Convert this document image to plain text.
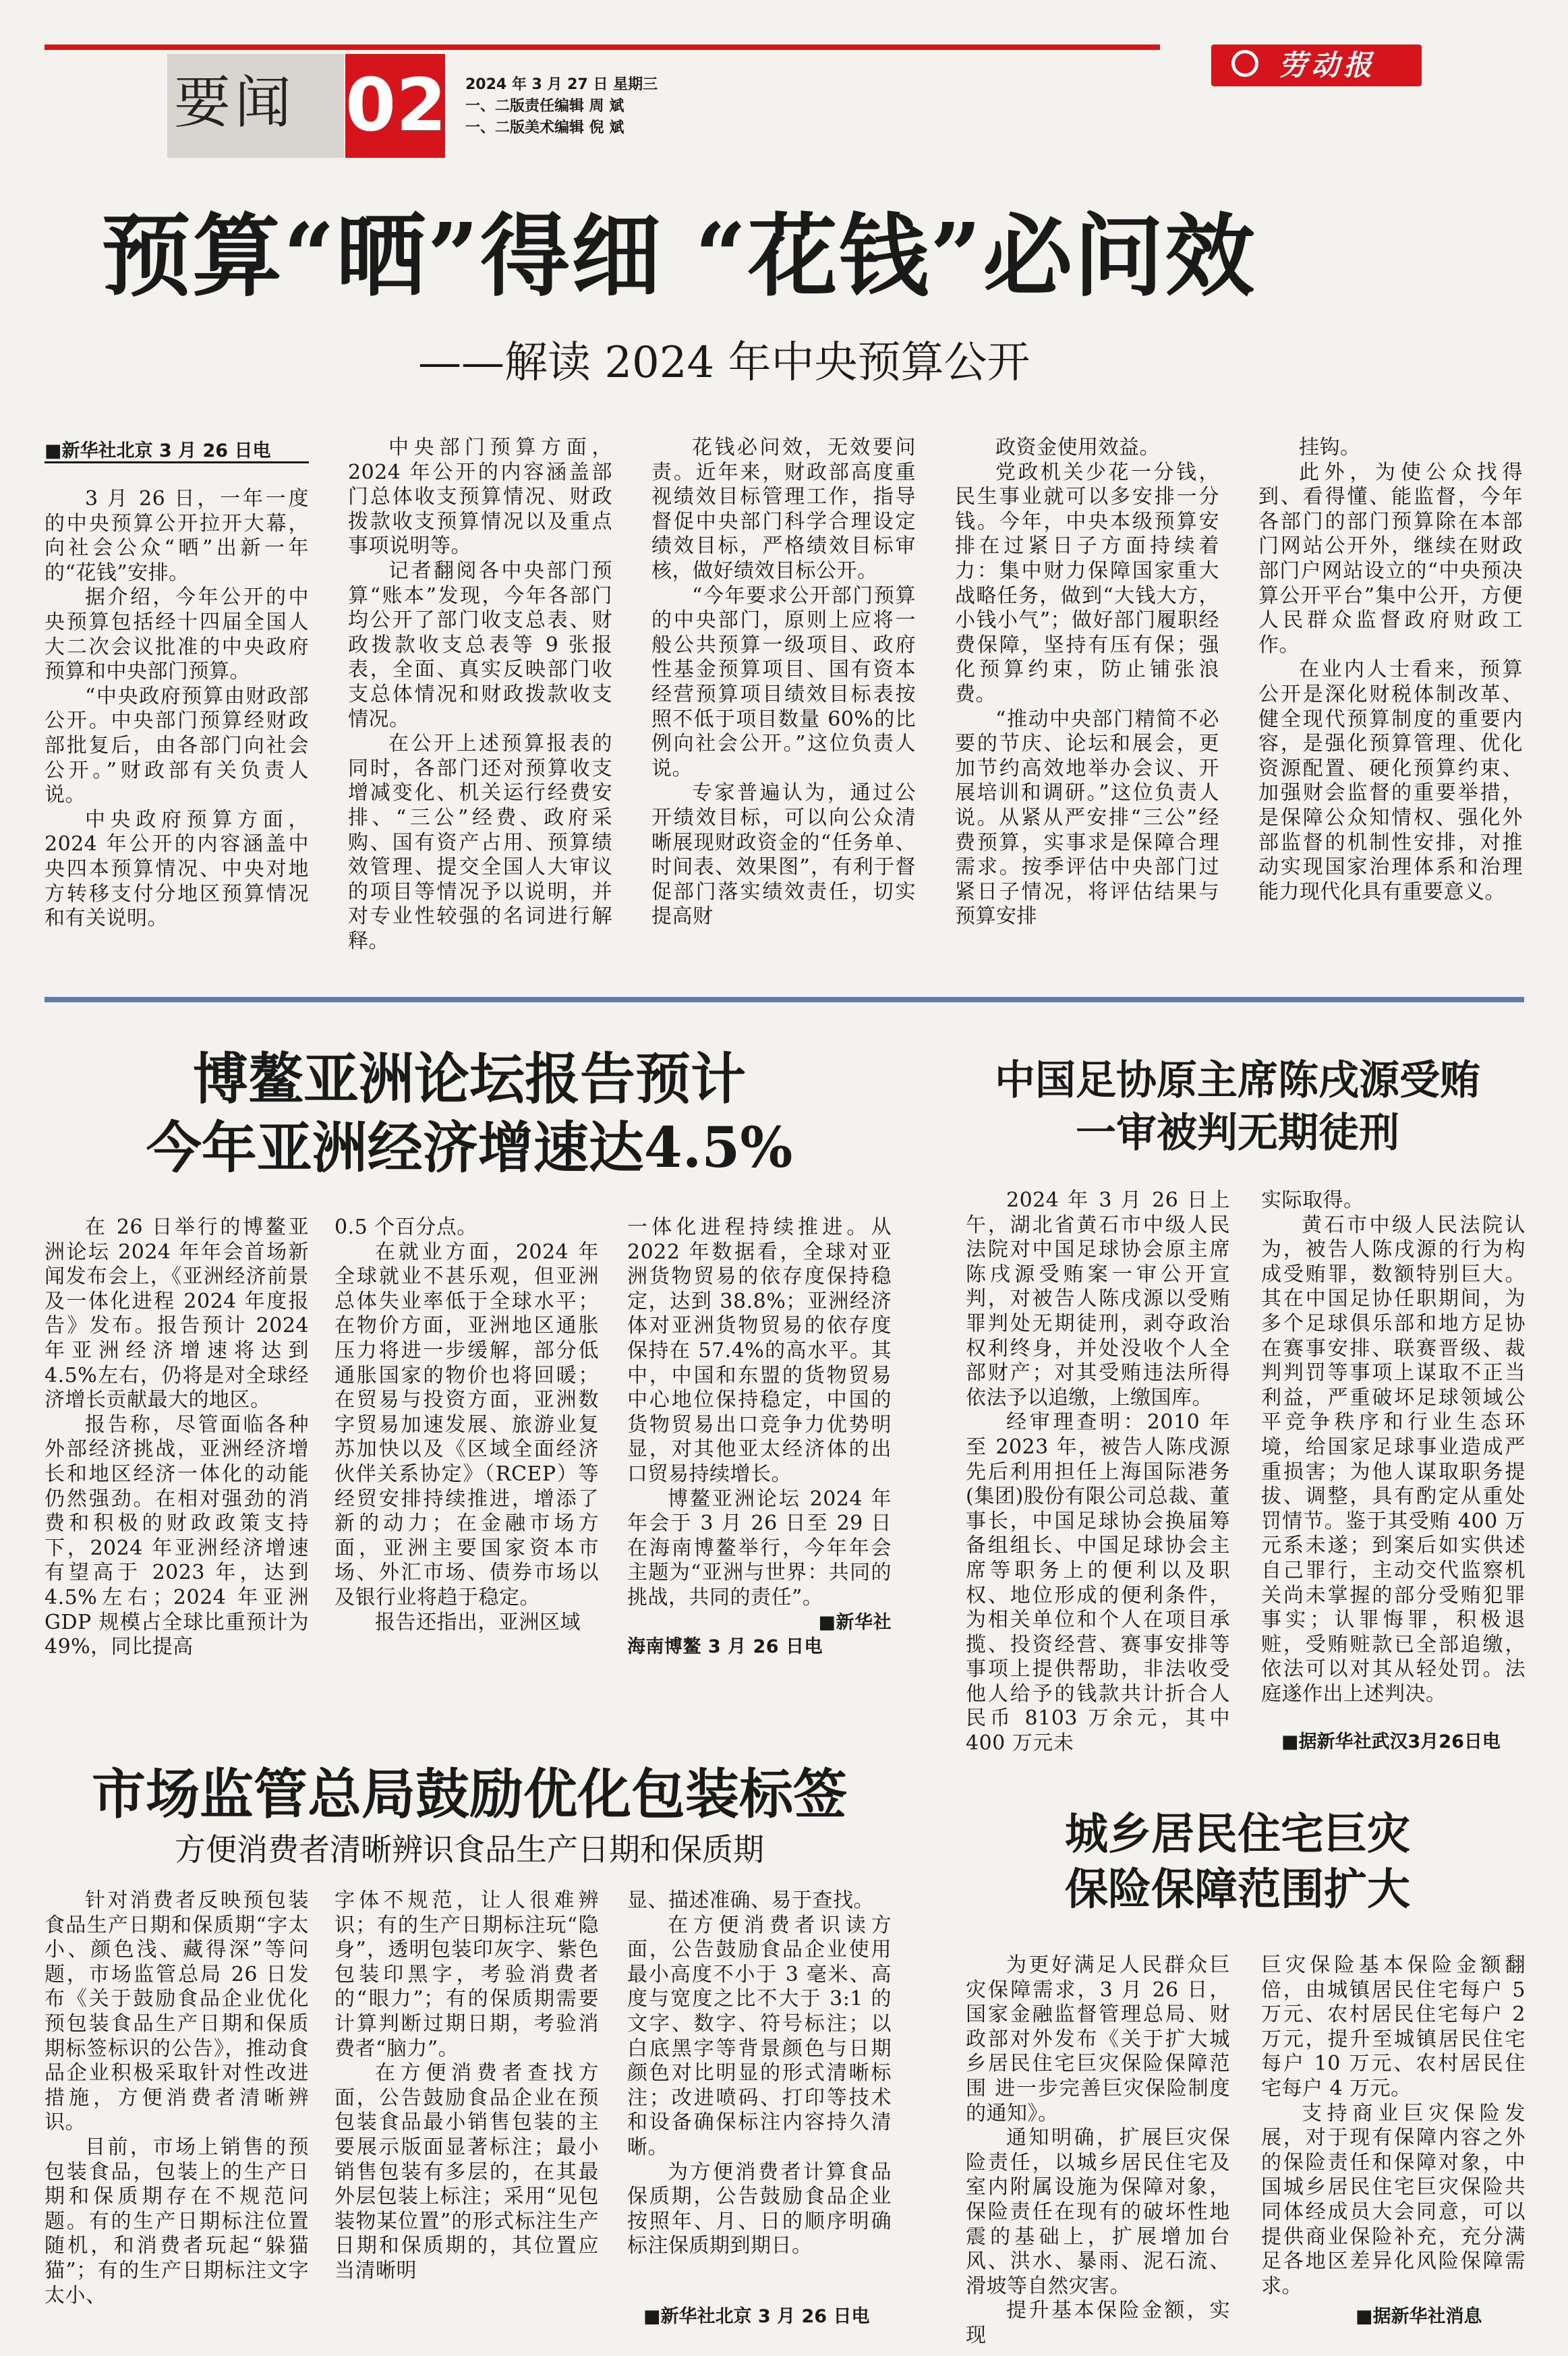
要闻 02 2024 年 3 月 27 日 星期三
一、二版责任编辑 周 斌
一、二版美术编辑 倪 斌
劳动报
预算“晒”得细 “花钱”必问效
——解读 2024 年中央预算公开
■新华社北京 3 月 26 日电

3 月 26 日，一年一度的中央预算公开拉开大幕，向社会公众“晒”出新一年的“花钱”安排。

据介绍，今年公开的中央预算包括经十四届全国人大二次会议批准的中央政府预算和中央部门预算。

“中央政府预算由财政部公开。中央部门预算经财政部批复后，由各部门向社会公开。”财政部有关负责人说。

中央政府预算方面，2024 年公开的内容涵盖中央四本预算情况、中央对地方转移支付分地区预算情况和有关说明。

中央部门预算方面，2024 年公开的内容涵盖部门总体收支预算情况、财政拨款收支预算情况以及重点事项说明等。

记者翻阅各中央部门预算“账本”发现，今年各部门均公开了部门收支总表、财政拨款收支总表等 9 张报表，全面、真实反映部门收支总体情况和财政拨款收支情况。

在公开上述预算报表的同时，各部门还对预算收支增减变化、机关运行经费安排、“三公”经费、政府采购、国有资产占用、预算绩效管理、提交全国人大审议的项目等情况予以说明，并对专业性较强的名词进行解释。

花钱必问效，无效要问责。近年来，财政部高度重视绩效目标管理工作，指导督促中央部门科学合理设定绩效目标，严格绩效目标审核，做好绩效目标公开。

“今年要求公开部门预算的中央部门，原则上应将一般公共预算一级项目、政府性基金预算项目、国有资本经营预算项目绩效目标表按照不低于项目数量 60%的比例向社会公开。”这位负责人说。

专家普遍认为，通过公开绩效目标，可以向公众清晰展现财政资金的“任务单、时间表、效果图”，有利于督促部门落实绩效责任，切实提高财

政资金使用效益。

党政机关少花一分钱，民生事业就可以多安排一分钱。今年，中央本级预算安排在过紧日子方面持续着力：集中财力保障国家重大战略任务，做到“大钱大方，小钱小气”；做好部门履职经费保障，坚持有压有保；强化预算约束，防止铺张浪费。

“推动中央部门精简不必要的节庆、论坛和展会，更加节约高效地举办会议、开展培训和调研。”这位负责人说。从紧从严安排“三公”经费预算，实事求是保障合理需求。按季评估中央部门过紧日子情况，将评估结果与预算安排

挂钩。

此外，为使公众找得到、看得懂、能监督，今年各部门的部门预算除在本部门网站公开外，继续在财政部门户网站设立的“中央预决算公开平台”集中公开，方便人民群众监督政府财政工作。

在业内人士看来，预算公开是深化财税体制改革、健全现代预算制度的重要内容，是强化预算管理、优化资源配置、硬化预算约束、加强财会监督的重要举措，是保障公众知情权、强化外部监督的机制性安排，对推动实现国家治理体系和治理能力现代化具有重要意义。

博鳌亚洲论坛报告预计
今年亚洲经济增速达4.5%

在 26 日举行的博鳌亚洲论坛 2024 年年会首场新闻发布会上，《亚洲经济前景及一体化进程 2024 年度报告》发布。报告预计 2024 年亚洲经济增速将达到 4.5%左右，仍将是对全球经济增长贡献最大的地区。

报告称，尽管面临各种外部经济挑战，亚洲经济增长和地区经济一体化的动能仍然强劲。在相对强劲的消费和积极的财政政策支持下，2024 年亚洲经济增速有望高于 2023 年，达到 4.5%左右；2024 年亚洲 GDP 规模占全球比重预计为 49%，同比提高

0.5 个百分点。

在就业方面，2024 年全球就业不甚乐观，但亚洲总体失业率低于全球水平；在物价方面，亚洲地区通胀压力将进一步缓解，部分低通胀国家的物价也将回暖；在贸易与投资方面，亚洲数字贸易加速发展、旅游业复苏加快以及《区域全面经济伙伴关系协定》（RCEP）等经贸安排持续推进，增添了新的动力；在金融市场方面，亚洲主要国家资本市场、外汇市场、债券市场以及银行业将趋于稳定。

报告还指出，亚洲区域

一体化进程持续推进。从 2022 年数据看，全球对亚洲货物贸易的依存度保持稳定，达到 38.8%；亚洲经济体对亚洲货物贸易的依存度保持在 57.4%的高水平。其中，中国和东盟的货物贸易中心地位保持稳定，中国的货物贸易出口竞争力优势明显，对其他亚太经济体的出口贸易持续增长。

博鳌亚洲论坛 2024 年年会于 3 月 26 日至 29 日在海南博鳌举行，今年年会主题为“亚洲与世界：共同的挑战，共同的责任”。

■新华社

海南博鳌 3 月 26 日电

中国足协原主席陈戌源受贿
一审被判无期徒刑

2024 年 3 月 26 日上午，湖北省黄石市中级人民法院对中国足球协会原主席陈戌源受贿案一审公开宣判，对被告人陈戌源以受贿罪判处无期徒刑，剥夺政治权利终身，并处没收个人全部财产；对其受贿违法所得依法予以追缴，上缴国库。

经审理查明：2010 年至 2023 年，被告人陈戌源先后利用担任上海国际港务(集团)股份有限公司总裁、董事长，中国足球协会换届筹备组组长、中国足球协会主席等职务上的便利以及职权、地位形成的便利条件，为相关单位和个人在项目承揽、投资经营、赛事安排等事项上提供帮助，非法收受他人给予的钱款共计折合人民币 8103 万余元，其中 400 万元未

实际取得。

黄石市中级人民法院认为，被告人陈戌源的行为构成受贿罪，数额特别巨大。其在中国足协任职期间，为多个足球俱乐部和地方足协在赛事安排、联赛晋级、裁判判罚等事项上谋取不正当利益，严重破坏足球领域公平竞争秩序和行业生态环境，给国家足球事业造成严重损害；为他人谋取职务提拔、调整，具有酌定从重处罚情节。鉴于其受贿 400 万元系未遂；到案后如实供述自己罪行，主动交代监察机关尚未掌握的部分受贿犯罪事实；认罪悔罪，积极退赃，受贿赃款已全部追缴，依法可以对其从轻处罚。法庭遂作出上述判决。

■据新华社武汉3月26日电
市场监管总局鼓励优化包装标签
方便消费者清晰辨识食品生产日期和保质期

针对消费者反映预包装食品生产日期和保质期“字太小、颜色浅、藏得深”等问题，市场监管总局 26 日发布《关于鼓励食品企业优化预包装食品生产日期和保质期标签标识的公告》，推动食品企业积极采取针对性改进措施，方便消费者清晰辨识。

目前，市场上销售的预包装食品，包装上的生产日期和保质期存在不规范问题。有的生产日期标注位置随机，和消费者玩起“躲猫猫”；有的生产日期标注文字太小、

字体不规范，让人很难辨识；有的生产日期标注玩“隐身”，透明包装印灰字、紫色包装印黑字，考验消费者的“眼力”；有的保质期需要计算判断过期日期，考验消费者“脑力”。

在方便消费者查找方面，公告鼓励食品企业在预包装食品最小销售包装的主要展示版面显著标注；最小销售包装有多层的，在其最外层包装上标注；采用“见包装物某位置”的形式标注生产日期和保质期的，其位置应当清晰明

显、描述准确、易于查找。

在方便消费者识读方面，公告鼓励食品企业使用最小高度不小于 3 毫米、高度与宽度之比不大于 3:1 的文字、数字、符号标注；以白底黑字等背景颜色与日期颜色对比明显的形式清晰标注；改进喷码、打印等技术和设备确保标注内容持久清晰。

为方便消费者计算食品保质期，公告鼓励食品企业按照年、月、日的顺序明确标注保质期到期日。

■新华社北京 3 月 26 日电
城乡居民住宅巨灾
保险保障范围扩大

为更好满足人民群众巨灾保障需求，3 月 26 日，国家金融监督管理总局、财政部对外发布《关于扩大城乡居民住宅巨灾保险保障范围 进一步完善巨灾保险制度的通知》。

通知明确，扩展巨灾保险责任，以城乡居民住宅及室内附属设施为保障对象，保险责任在现有的破坏性地震的基础上，扩展增加台风、洪水、暴雨、泥石流、滑坡等自然灾害。

提升基本保险金额，实现

巨灾保险基本保险金额翻倍，由城镇居民住宅每户 5 万元、农村居民住宅每户 2 万元，提升至城镇居民住宅每户 10 万元、农村居民住宅每户 4 万元。

支持商业巨灾保险发展，对于现有保障内容之外的保险责任和保障对象，中国城乡居民住宅巨灾保险共同体经成员大会同意，可以提供商业保险补充，充分满足各地区差异化风险保障需求。

■据新华社消息
